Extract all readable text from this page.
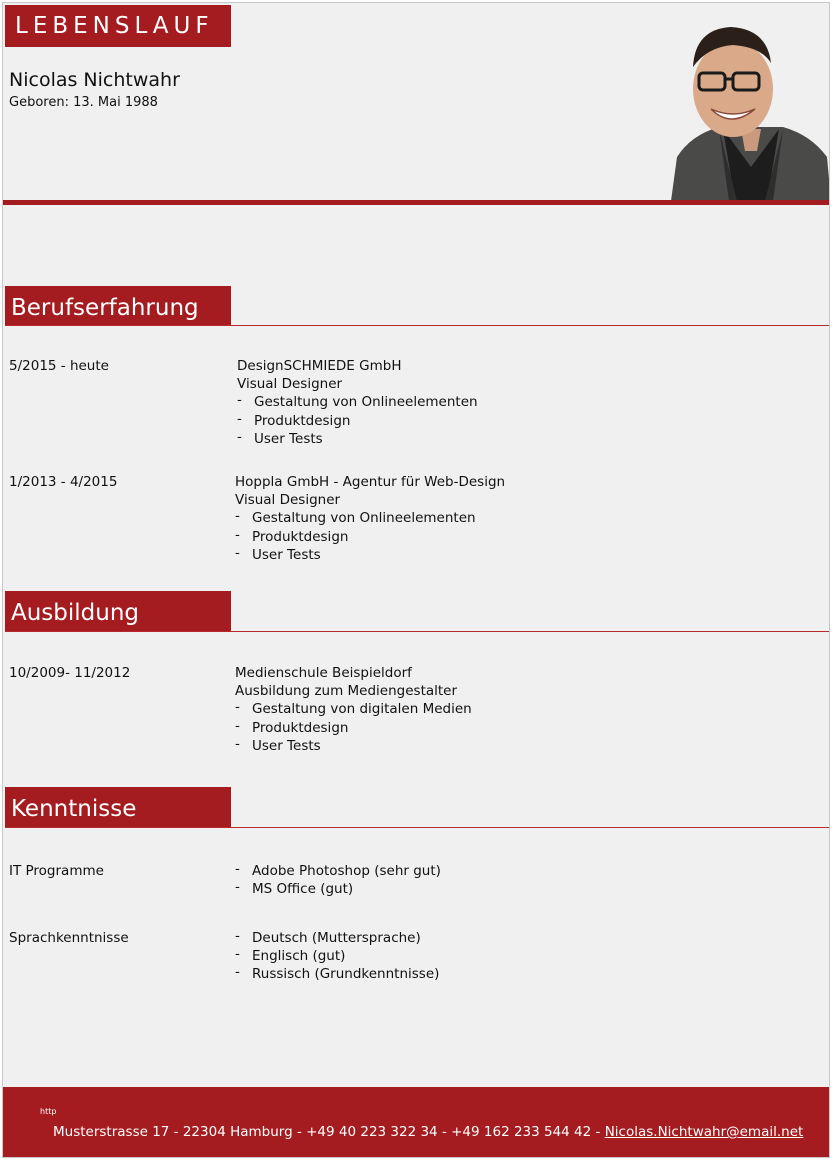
LEBENSLAUF
Nicolas Nichtwahr
Geboren: 13. Mai 1988
Berufserfahrung
5/2015 - heute	DesignSCHMIEDE GmbH
Visual Designer
- Gestaltung von Onlineelementen
- Produktdesign
- User Tests
1/2013 - 4/2015	Hoppla GmbH - Agentur für Web-Design
Visual Designer
- Gestaltung von Onlineelementen
- Produktdesign
- User Tests
Ausbildung
10/2009- 11/2012	Medienschule Beispieldorf
Ausbildung zum Mediengestalter
- Gestaltung von digitalen Medien
- Produktdesign
- User Tests
Kenntnisse
IT Programme	- Adobe Photoshop (sehr gut)
- MS Office (gut)
Sprachkenntnisse	- Deutsch (Muttersprache)
- Englisch (gut)
- Russisch (Grundkenntnisse)
http
Musterstrasse 17 - 22304 Hamburg - +49 40 223 322 34 - +49 162 233 544 42 - Nicolas.Nichtwahr@email.net
